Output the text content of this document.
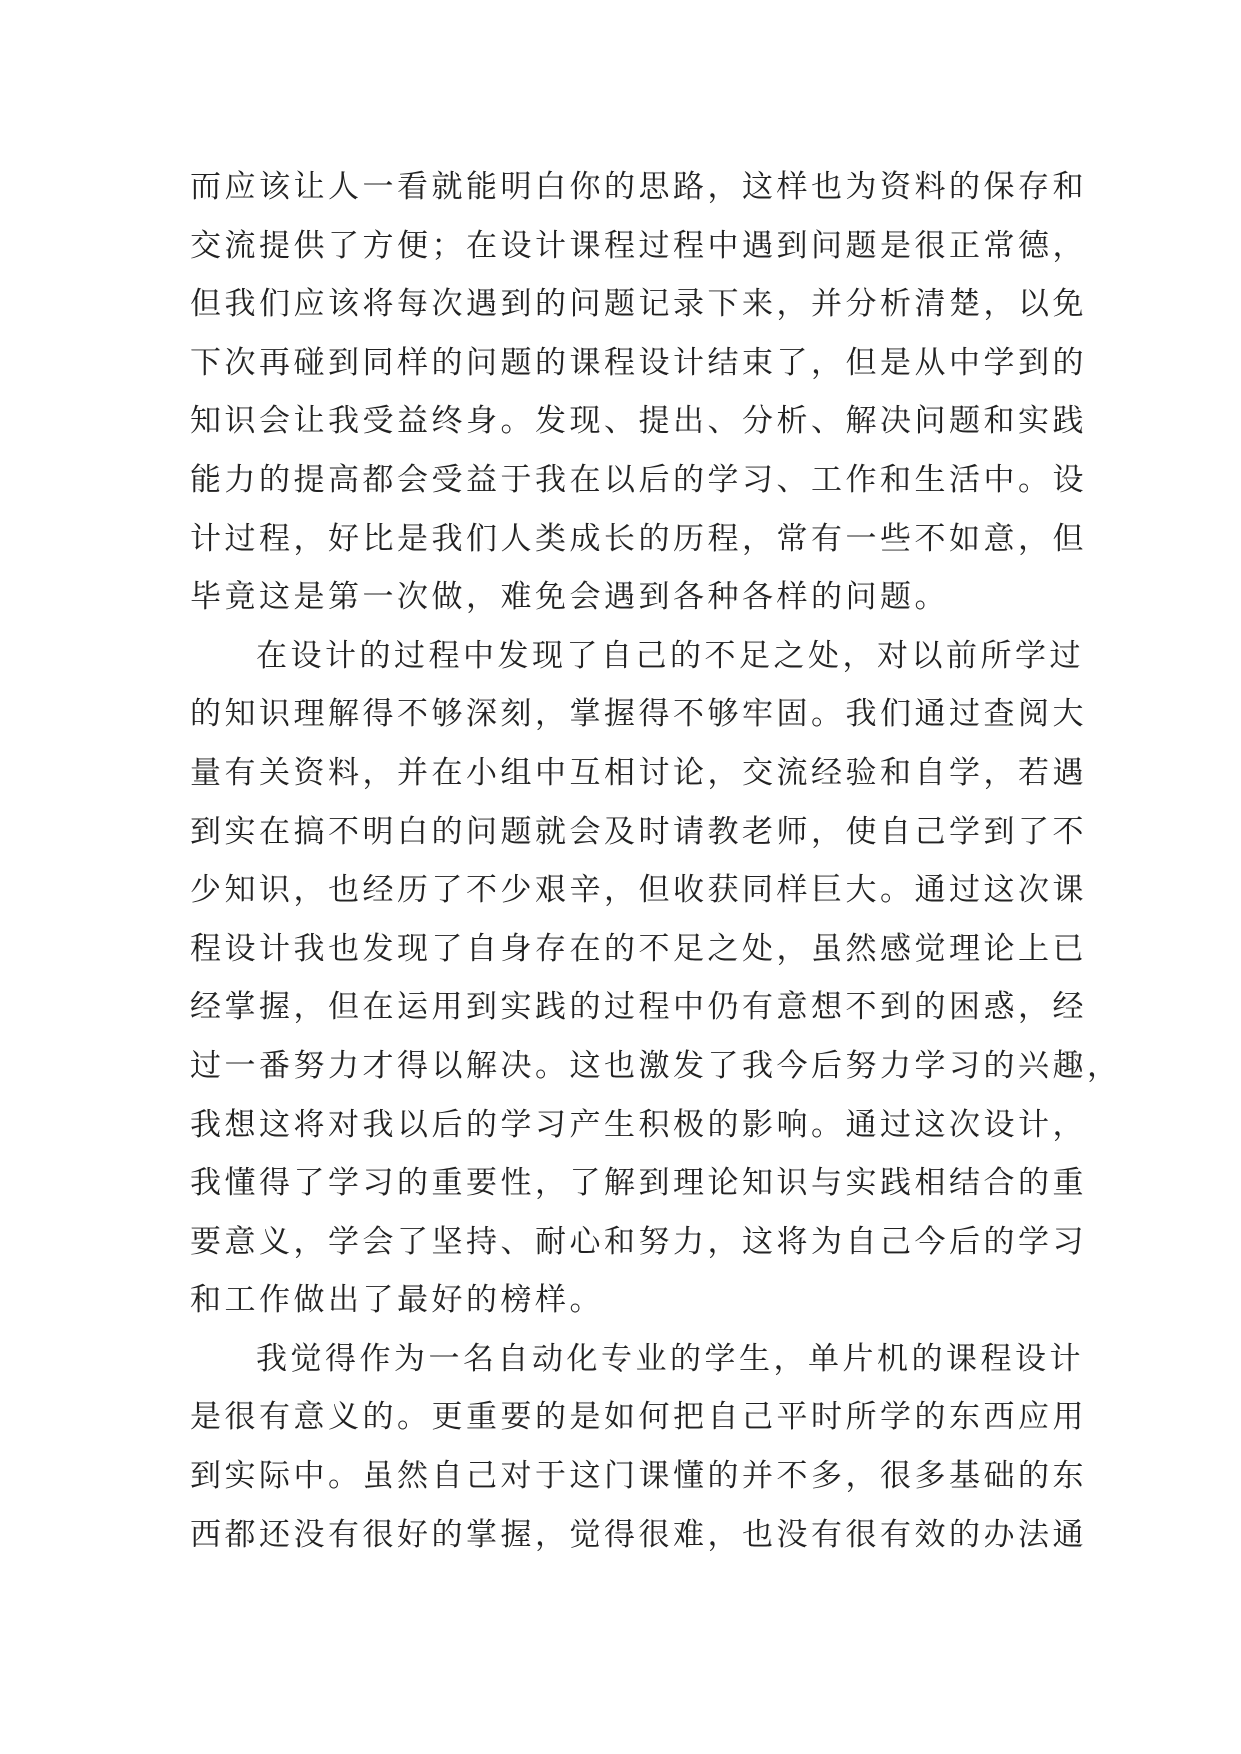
而应该让人一看就能明白你的思路，这样也为资料的保存和
交流提供了方便；在设计课程过程中遇到问题是很正常德，
但我们应该将每次遇到的问题记录下来，并分析清楚，以免
下次再碰到同样的问题的课程设计结束了，但是从中学到的
知识会让我受益终身。发现、提出、分析、解决问题和实践
能力的提高都会受益于我在以后的学习、工作和生活中。设
计过程，好比是我们人类成长的历程，常有一些不如意，但
毕竟这是第一次做，难免会遇到各种各样的问题。
在设计的过程中发现了自己的不足之处，对以前所学过
的知识理解得不够深刻，掌握得不够牢固。我们通过查阅大
量有关资料，并在小组中互相讨论，交流经验和自学，若遇
到实在搞不明白的问题就会及时请教老师，使自己学到了不
少知识，也经历了不少艰辛，但收获同样巨大。通过这次课
程设计我也发现了自身存在的不足之处，虽然感觉理论上已
经掌握，但在运用到实践的过程中仍有意想不到的困惑，经
过一番努力才得以解决。这也激发了我今后努力学习的兴趣，
我想这将对我以后的学习产生积极的影响。通过这次设计，
我懂得了学习的重要性，了解到理论知识与实践相结合的重
要意义，学会了坚持、耐心和努力，这将为自己今后的学习
和工作做出了最好的榜样。
我觉得作为一名自动化专业的学生，单片机的课程设计
是很有意义的。更重要的是如何把自己平时所学的东西应用
到实际中。虽然自己对于这门课懂的并不多，很多基础的东
西都还没有很好的掌握，觉得很难，也没有很有效的办法通
